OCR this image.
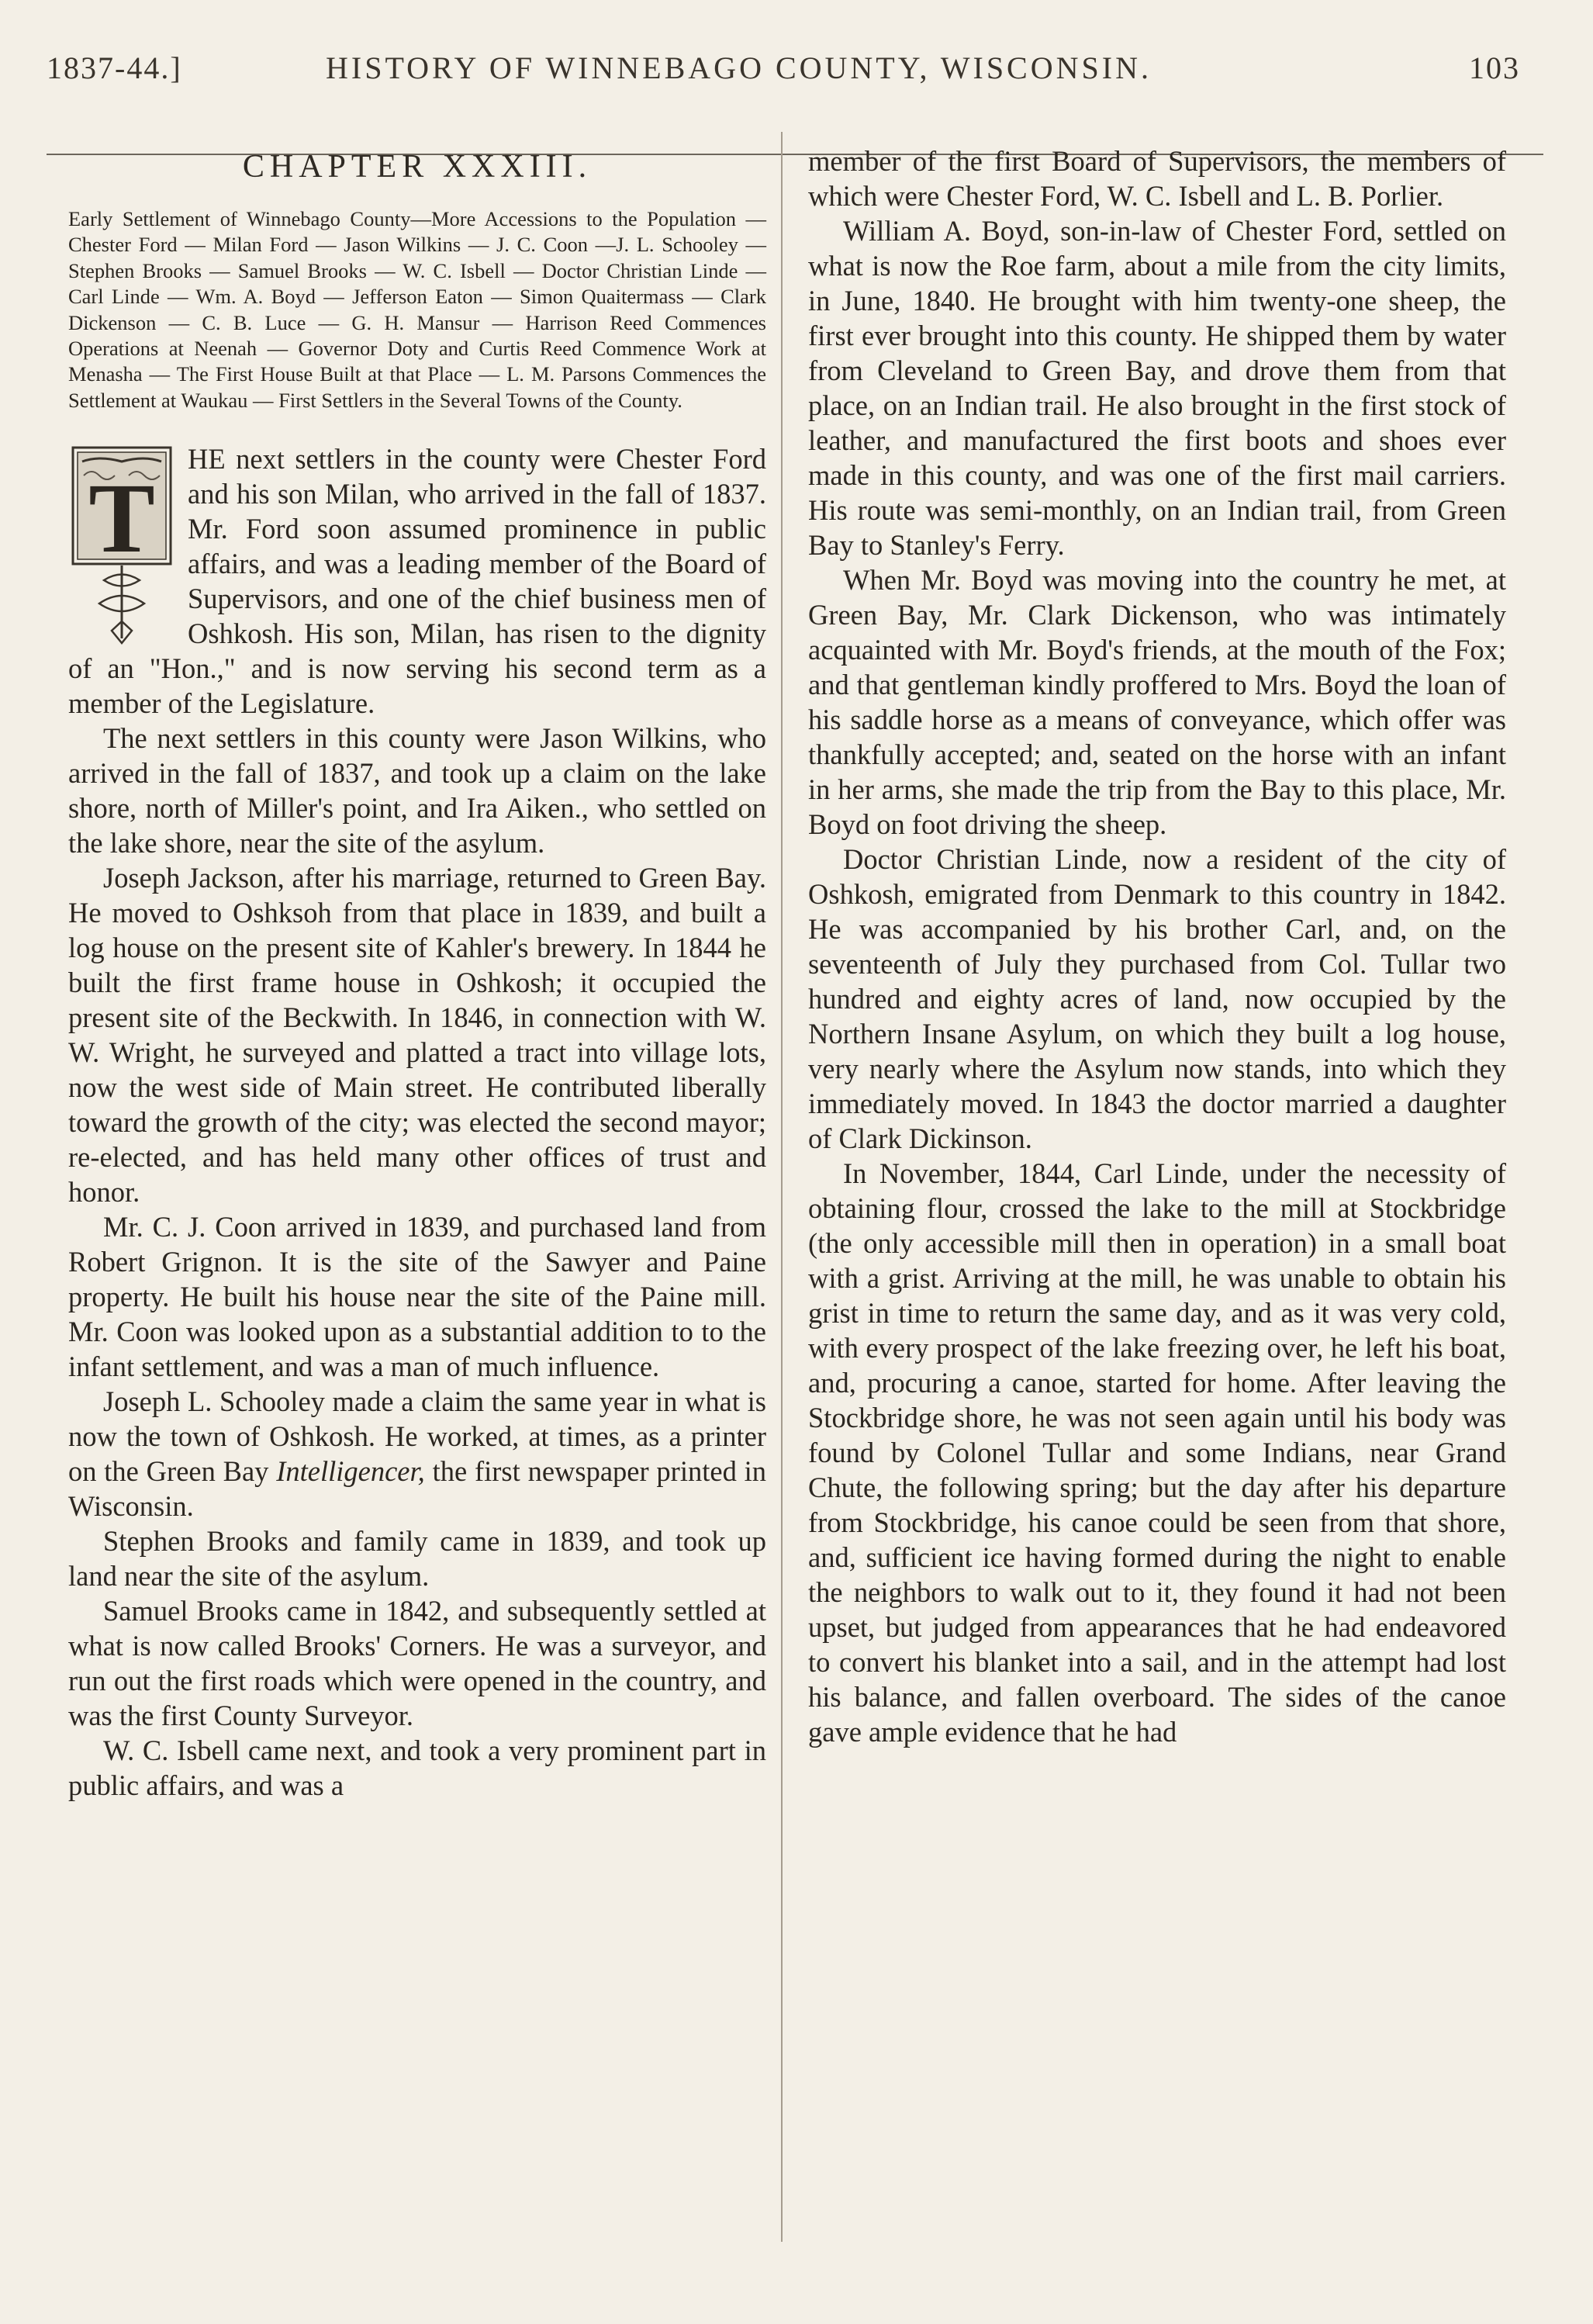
1837-44.]	HISTORY OF WINNEBAGO COUNTY, WISCONSIN.	103
CHAPTER XXXIII.
Early Settlement of Winnebago County—More Accessions to the Population — Chester Ford — Milan Ford — Jason Wilkins — J. C. Coon —J. L. Schooley — Stephen Brooks — Samuel Brooks — W. C. Isbell — Doctor Christian Linde — Carl Linde — Wm. A. Boyd — Jefferson Eaton — Simon Quaitermass — Clark Dickenson — C. B. Luce — G. H. Mansur — Harrison Reed Commences Operations at Neenah — Governor Doty and Curtis Reed Commence Work at Menasha — The First House Built at that Place — L. M. Parsons Commences the Settlement at Waukau — First Settlers in the Several Towns of the County.

T
HE next settlers in the county were Chester Ford and his son Milan, who arrived in the fall of 1837. Mr. Ford soon assumed prominence in public affairs, and was a leading member of the Board of Supervisors, and one of the chief business men of Oshkosh. His son, Milan, has risen to the dignity of an "Hon.," and is now serving his second term as a member of the Legislature.

The next settlers in this county were Jason Wilkins, who arrived in the fall of 1837, and took up a claim on the lake shore, north of Miller's point, and Ira Aiken., who settled on the lake shore, near the site of the asylum.

Joseph Jackson, after his marriage, returned to Green Bay. He moved to Oshksoh from that place in 1839, and built a log house on the present site of Kahler's brewery. In 1844 he built the first frame house in Oshkosh; it occupied the present site of the Beckwith. In 1846, in connection with W. W. Wright, he surveyed and platted a tract into village lots, now the west side of Main street. He contributed liberally toward the growth of the city; was elected the second mayor; re-elected, and has held many other offices of trust and honor.

Mr. C. J. Coon arrived in 1839, and purchased land from Robert Grignon. It is the site of the Sawyer and Paine property. He built his house near the site of the Paine mill. Mr. Coon was looked upon as a substantial addition to to the infant settlement, and was a man of much influence.

Joseph L. Schooley made a claim the same year in what is now the town of Oshkosh. He worked, at times, as a printer on the Green Bay Intelligencer, the first newspaper printed in Wisconsin.

Stephen Brooks and family came in 1839, and took up land near the site of the asylum.

Samuel Brooks came in 1842, and subsequently settled at what is now called Brooks' Corners. He was a surveyor, and run out the first roads which were opened in the country, and was the first County Surveyor.

W. C. Isbell came next, and took a very prominent part in public affairs, and was a

member of the first Board of Supervisors, the members of which were Chester Ford, W. C. Isbell and L. B. Porlier.

William A. Boyd, son-in-law of Chester Ford, settled on what is now the Roe farm, about a mile from the city limits, in June, 1840. He brought with him twenty-one sheep, the first ever brought into this county. He shipped them by water from Cleveland to Green Bay, and drove them from that place, on an Indian trail. He also brought in the first stock of leather, and manufactured the first boots and shoes ever made in this county, and was one of the first mail carriers. His route was semi-monthly, on an Indian trail, from Green Bay to Stanley's Ferry.

When Mr. Boyd was moving into the country he met, at Green Bay, Mr. Clark Dickenson, who was intimately acquainted with Mr. Boyd's friends, at the mouth of the Fox; and that gentleman kindly proffered to Mrs. Boyd the loan of his saddle horse as a means of conveyance, which offer was thankfully accepted; and, seated on the horse with an infant in her arms, she made the trip from the Bay to this place, Mr. Boyd on foot driving the sheep.

Doctor Christian Linde, now a resident of the city of Oshkosh, emigrated from Denmark to this country in 1842. He was accompanied by his brother Carl, and, on the seventeenth of July they purchased from Col. Tullar two hundred and eighty acres of land, now occupied by the Northern Insane Asylum, on which they built a log house, very nearly where the Asylum now stands, into which they immediately moved. In 1843 the doctor married a daughter of Clark Dickinson.

In November, 1844, Carl Linde, under the necessity of obtaining flour, crossed the lake to the mill at Stockbridge (the only accessible mill then in operation) in a small boat with a grist. Arriving at the mill, he was unable to obtain his grist in time to return the same day, and as it was very cold, with every prospect of the lake freezing over, he left his boat, and, procuring a canoe, started for home. After leaving the Stockbridge shore, he was not seen again until his body was found by Colonel Tullar and some Indians, near Grand Chute, the following spring; but the day after his departure from Stockbridge, his canoe could be seen from that shore, and, sufficient ice having formed during the night to enable the neighbors to walk out to it, they found it had not been upset, but judged from appearances that he had endeavored to convert his blanket into a sail, and in the attempt had lost his balance, and fallen overboard. The sides of the canoe gave ample evidence that he had
